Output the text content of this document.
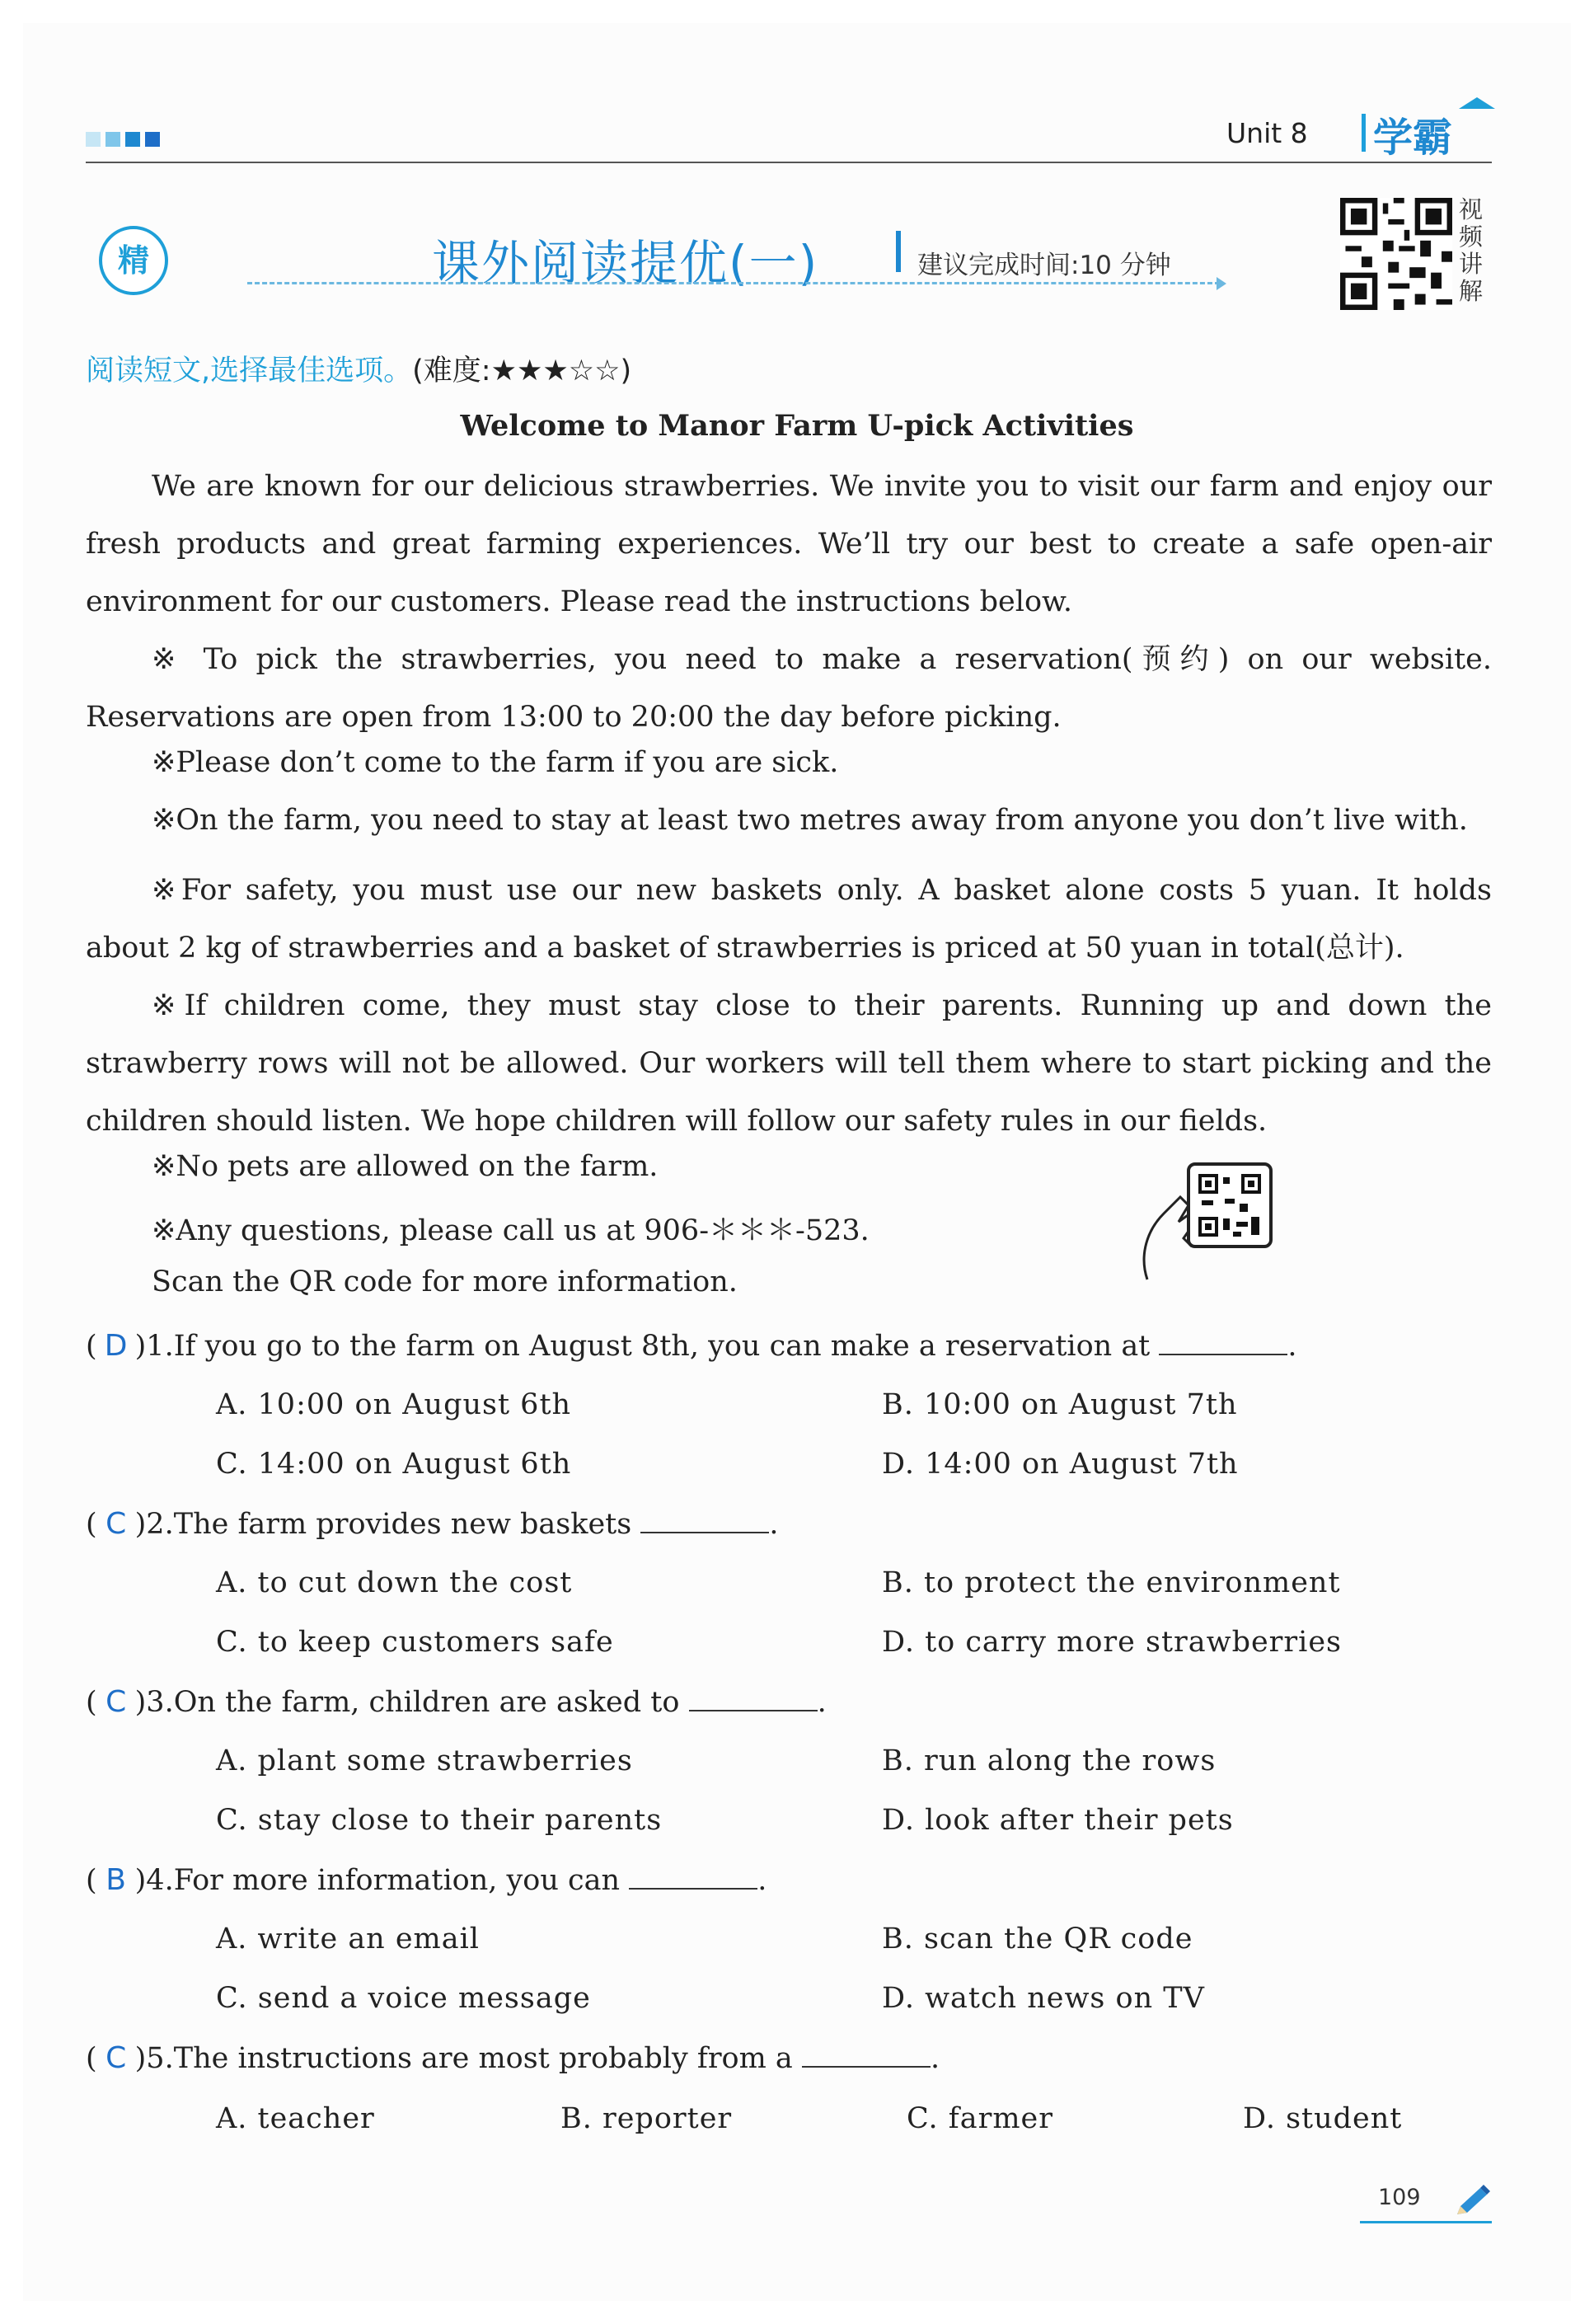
Unit 8 学霸
精	课外阅读提优(一)	建议完成时间:10 分钟
视频讲解
阅读短文,选择最佳选项。(难度:★★★☆☆)
Welcome to Manor Farm U-pick Activities
We are known for our delicious strawberries. We invite you to visit our farm and enjoy our fresh products and great farming experiences. We’ll try our best to create a safe open-air environment for our customers. Please read the instructions below.
※ To pick the strawberries, you need to make a reservation(预约) on our website. Reservations are open from 13:00 to 20:00 the day before picking.
※Please don’t come to the farm if you are sick.
※On the farm, you need to stay at least two metres away from anyone you don’t live with.
※For safety, you must use our new baskets only. A basket alone costs 5 yuan. It holds about 2 kg of strawberries and a basket of strawberries is priced at 50 yuan in total(总计).
※If children come, they must stay close to their parents. Running up and down the strawberry rows will not be allowed. Our workers will tell them where to start picking and the children should listen. We hope children will follow our safety rules in our fields.
※No pets are allowed on the farm.
※Any questions, please call us at 906-＊＊＊-523.
Scan the QR code for more information.
( D )1.If you go to the farm on August 8th, you can make a reservation at	.
A. 10:00 on August 6th	B. 10:00 on August 7th
C. 14:00 on August 6th	D. 14:00 on August 7th
( C )2.The farm provides new baskets	.
A. to cut down the cost	B. to protect the environment
C. to keep customers safe	D. to carry more strawberries
( C )3.On the farm, children are asked to	.
A. plant some strawberries	B. run along the rows
C. stay close to their parents	D. look after their pets
( B )4.For more information, you can	.
A. write an email	B. scan the QR code
C. send a voice message	D. watch news on TV
( C )5.The instructions are most probably from a	.
A. teacher	B. reporter	C. farmer	D. student
109
